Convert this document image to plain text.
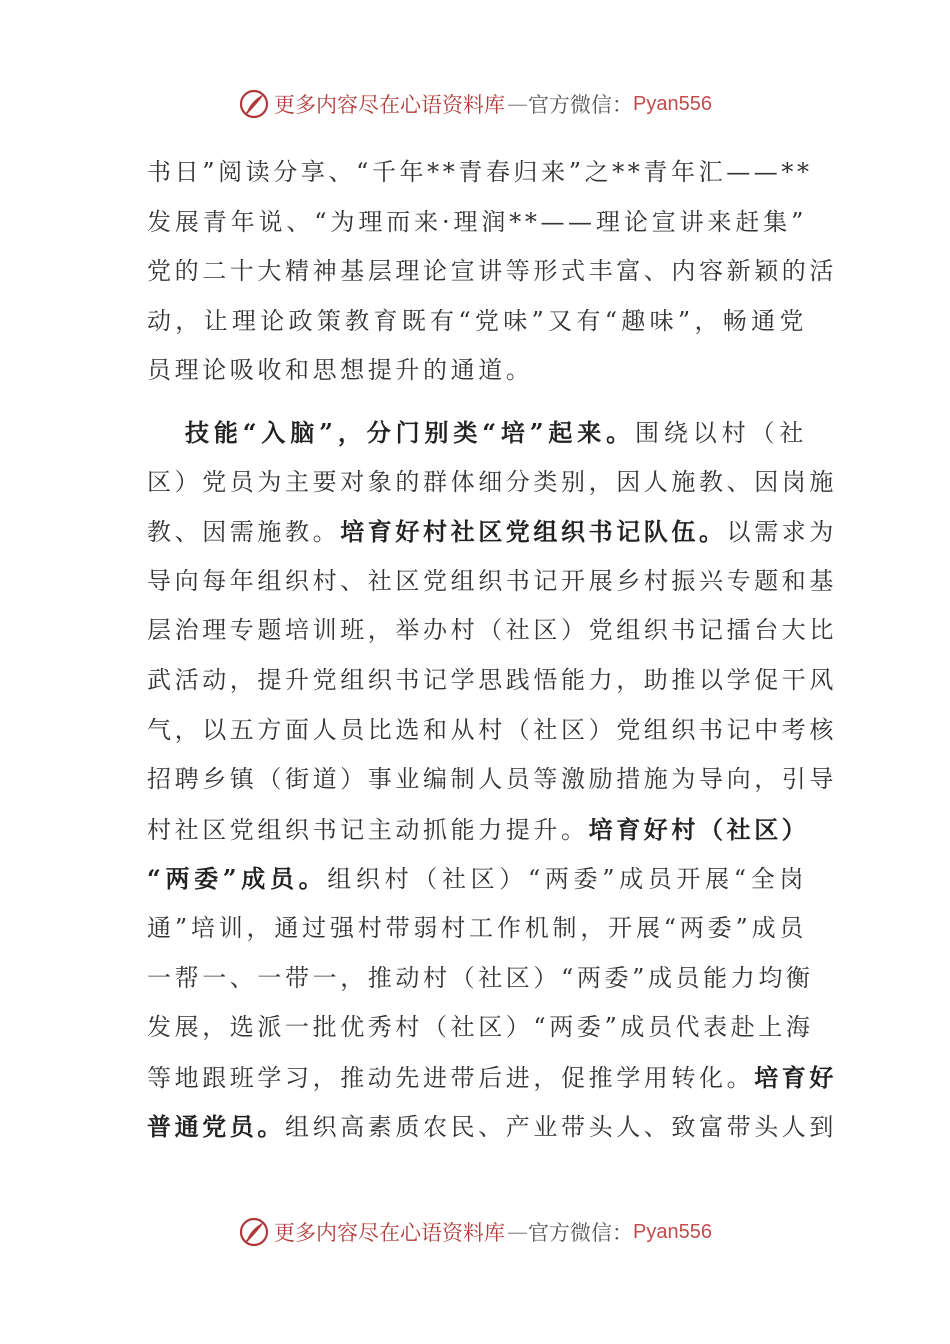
更多内容尽在心语资料库 — 官方微信： Pyan556
书日”阅读分享、“千年**青春归来”之**青年汇——**
发展青年说、“为理而来·理润**——理论宣讲来赶集”
党的二十大精神基层理论宣讲等形式丰富、内容新颖的活
动，让理论政策教育既有“党味”又有“趣味”，畅通党
员理论吸收和思想提升的通道。
技能“入脑”，分门别类“培”起来。围绕以村（社
区）党员为主要对象的群体细分类别，因人施教、因岗施
教、因需施教。培育好村社区党组织书记队伍。以需求为
导向每年组织村、社区党组织书记开展乡村振兴专题和基
层治理专题培训班，举办村（社区）党组织书记擂台大比
武活动，提升党组织书记学思践悟能力，助推以学促干风
气，以五方面人员比选和从村（社区）党组织书记中考核
招聘乡镇（街道）事业编制人员等激励措施为导向，引导
村社区党组织书记主动抓能力提升。培育好村（社区）
“两委”成员。组织村（社区）“两委”成员开展“全岗
通”培训，通过强村带弱村工作机制，开展“两委”成员
一帮一、一带一，推动村（社区）“两委”成员能力均衡
发展，选派一批优秀村（社区）“两委”成员代表赴上海
等地跟班学习，推动先进带后进，促推学用转化。培育好
普通党员。组织高素质农民、产业带头人、致富带头人到
更多内容尽在心语资料库 — 官方微信： Pyan556
